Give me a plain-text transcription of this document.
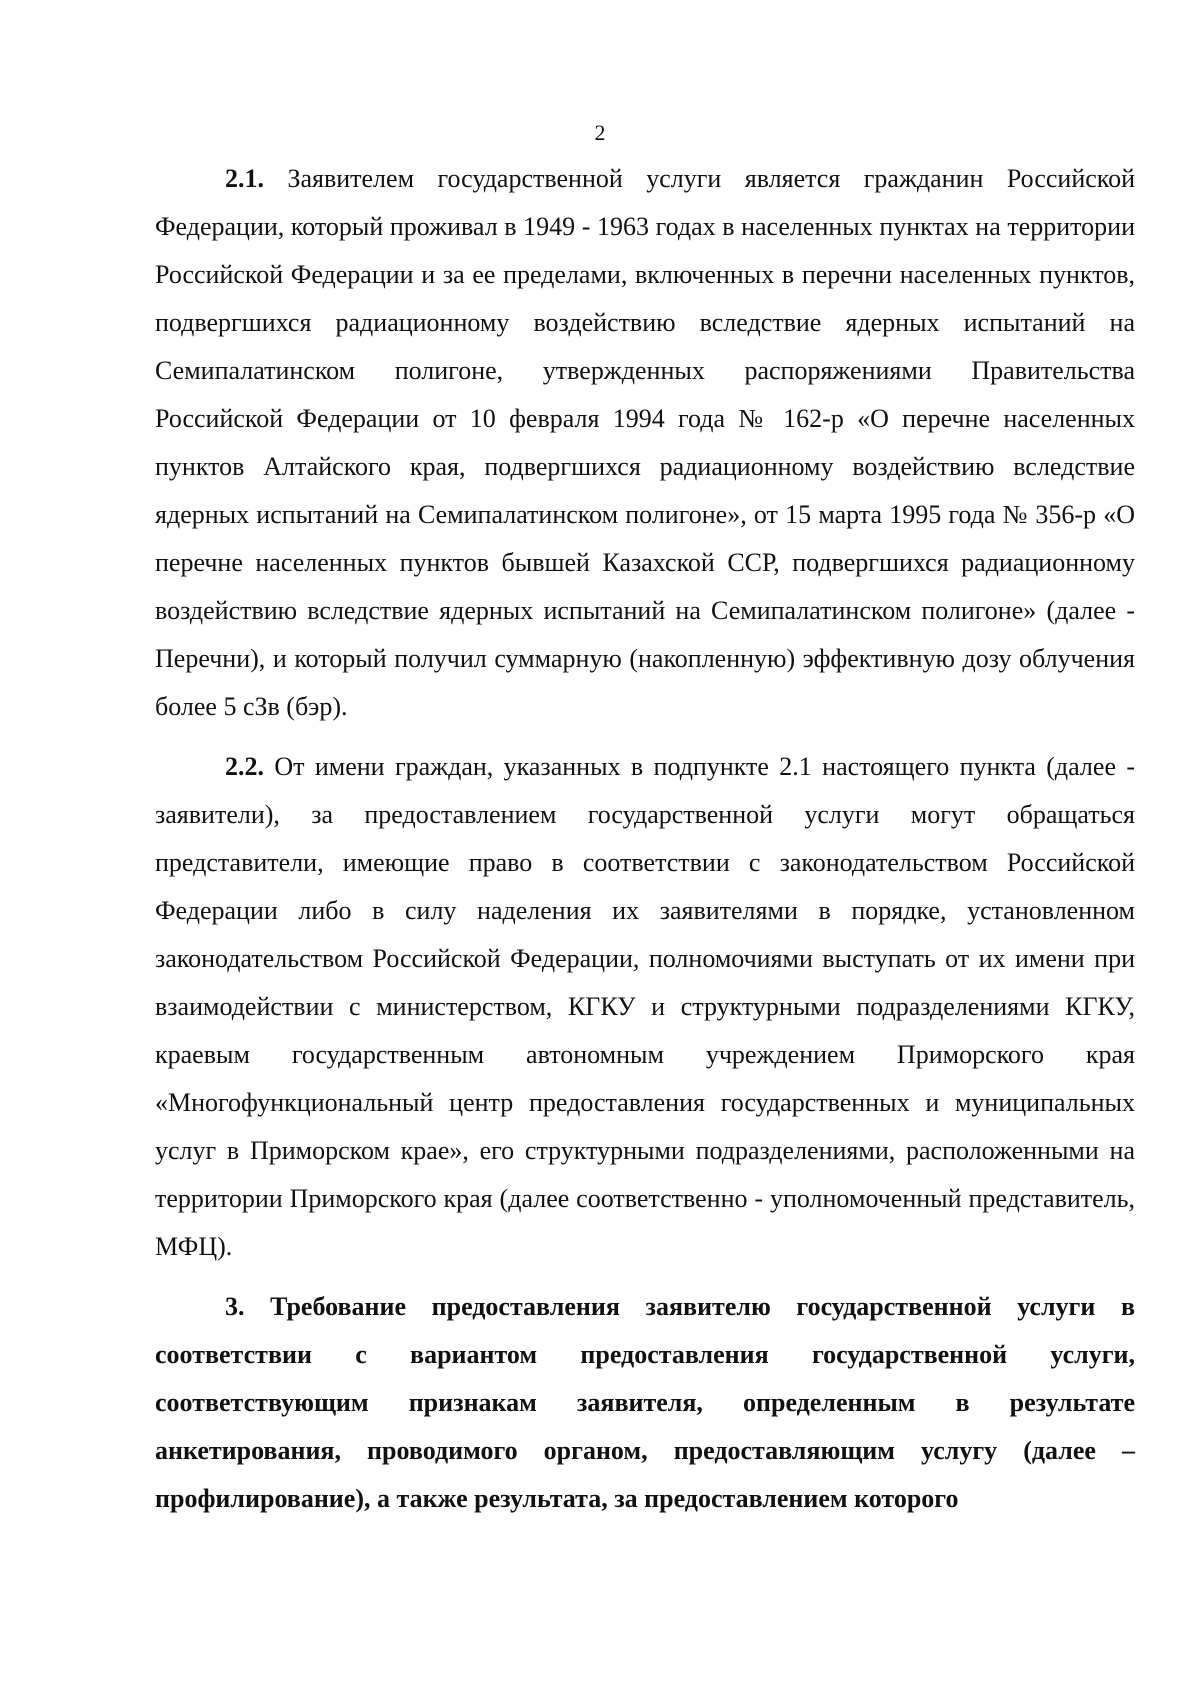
2

2.1. Заявителем государственной услуги является гражданин Российской Федерации, который проживал в 1949 - 1963 годах в населенных пунктах на территории Российской Федерации и за ее пределами, включенных в перечни населенных пунктов, подвергшихся радиационному воздействию вследствие ядерных испытаний на Семипалатинском полигоне, утвержденных распоряжениями Правительства Российской Федерации от 10 февраля 1994 года № 162-р «О перечне населенных пунктов Алтайского края, подвергшихся радиационному воздействию вследствие ядерных испытаний на Семипалатинском полигоне», от 15 марта 1995 года № 356-р «О перечне населенных пунктов бывшей Казахской ССР, подвергшихся радиационному воздействию вследствие ядерных испытаний на Семипалатинском полигоне» (далее - Перечни), и который получил суммарную (накопленную) эффективную дозу облучения более 5 сЗв (бэр).

2.2. От имени граждан, указанных в подпункте 2.1 настоящего пункта (далее - заявители), за предоставлением государственной услуги могут обращаться представители, имеющие право в соответствии с законодательством Российской Федерации либо в силу наделения их заявителями в порядке, установленном законодательством Российской Федерации, полномочиями выступать от их имени при взаимодействии с министерством, КГКУ и структурными подразделениями КГКУ, краевым государственным автономным учреждением Приморского края «Многофункциональный центр предоставления государственных и муниципальных услуг в Приморском крае», его структурными подразделениями, расположенными на территории Приморского края (далее соответственно - уполномоченный представитель, МФЦ).

3. Требование предоставления заявителю государственной услуги в соответствии с вариантом предоставления государственной услуги, соответствующим признакам заявителя, определенным в результате анкетирования, проводимого органом, предоставляющим услугу (далее – профилирование), а также результата, за предоставлением которого
